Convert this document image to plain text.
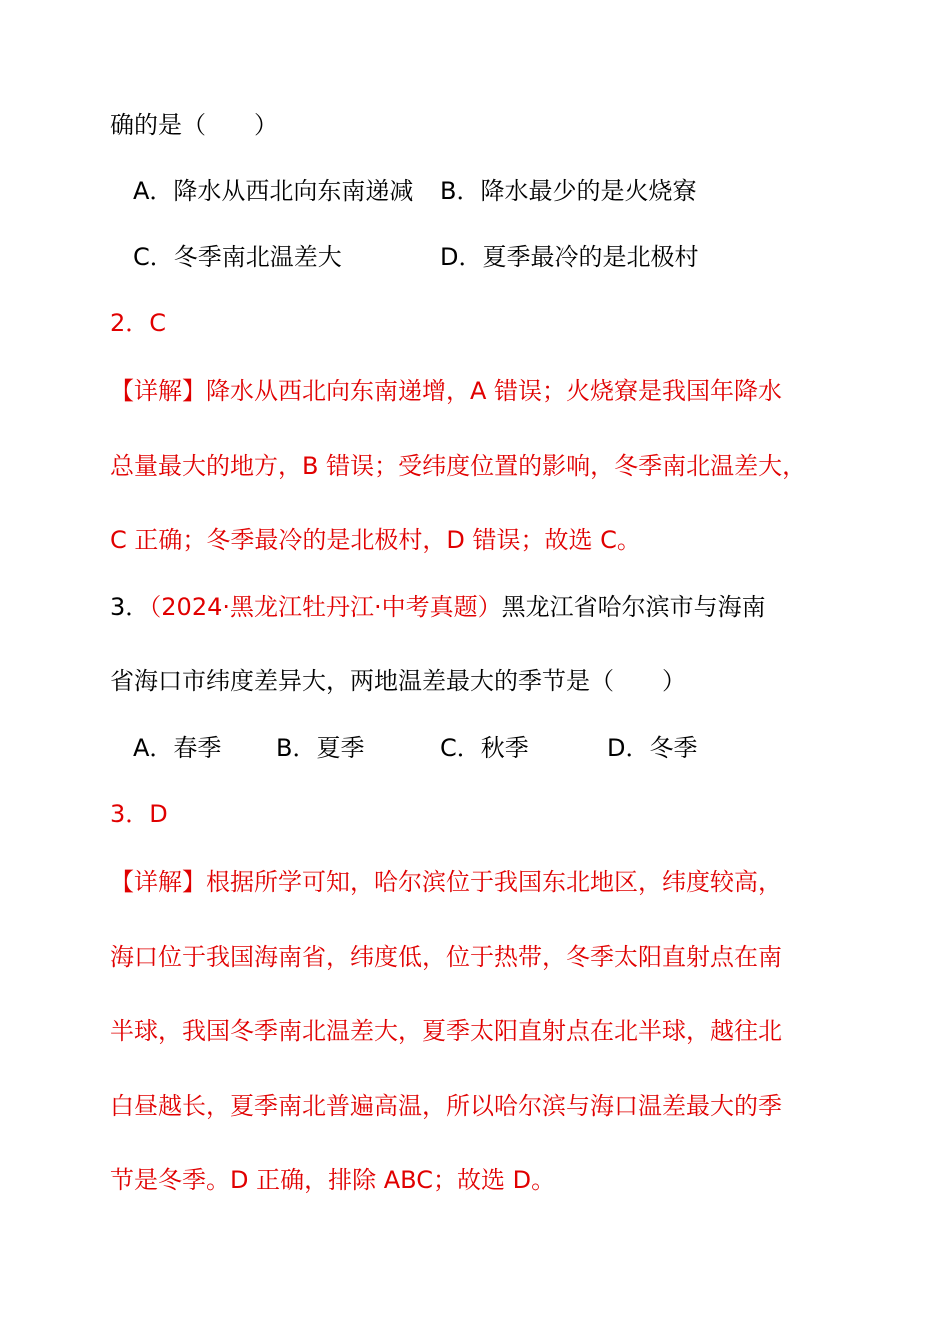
确的是（　　）
A．降水从西北向东南递减 B．降水最少的是火烧寮
C．冬季南北温差大	D．夏季最冷的是北极村
2．C
【详解】降水从西北向东南递增，A 错误；火烧寮是我国年降水
总量最大的地方，B 错误；受纬度位置的影响，冬季南北温差大，
C 正确；冬季最冷的是北极村，D 错误；故选 C。
3．（2024·黑龙江牡丹江·中考真题）黑龙江省哈尔滨市与海南
省海口市纬度差异大，两地温差最大的季节是（　　）
A．春季 B．夏季	C．秋季	D．冬季
3．D
【详解】根据所学可知，哈尔滨位于我国东北地区，纬度较高，
海口位于我国海南省，纬度低，位于热带，冬季太阳直射点在南
半球，我国冬季南北温差大，夏季太阳直射点在北半球，越往北
白昼越长，夏季南北普遍高温，所以哈尔滨与海口温差最大的季
节是冬季。D 正确，排除 ABC；故选 D。
